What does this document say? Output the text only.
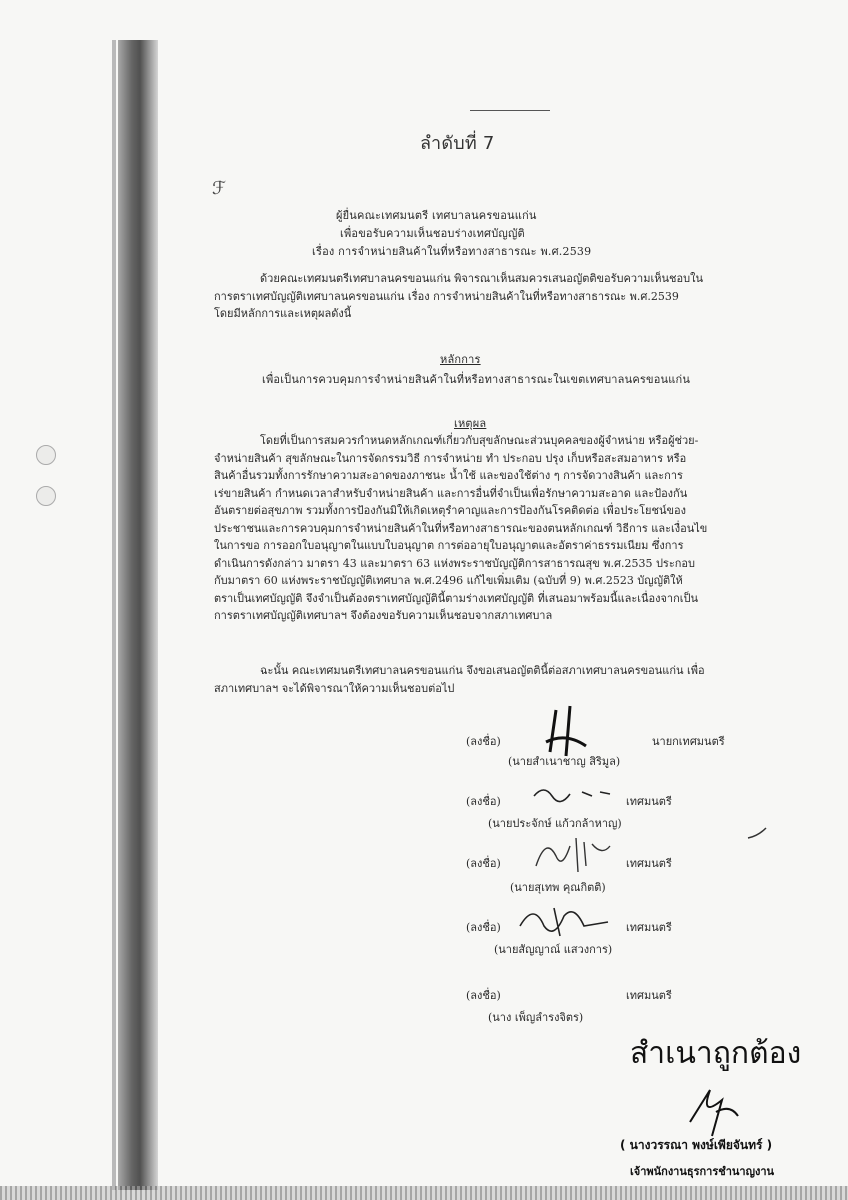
ลำดับที่ 7
ℱ
ผู้ยื่นคณะเทศมนตรี เทศบาลนครขอนแก่น
เพื่อขอรับความเห็นชอบร่างเทศบัญญัติ
เรื่อง การจำหน่ายสินค้าในที่หรือทางสาธารณะ พ.ศ.2539
ด้วยคณะเทศมนตรีเทศบาลนครขอนแก่น พิจารณาเห็นสมควรเสนอญัตติขอรับความเห็นชอบใน
การตราเทศบัญญัติเทศบาลนครขอนแก่น เรื่อง การจำหน่ายสินค้าในที่หรือทางสาธารณะ พ.ศ.2539
โดยมีหลักการและเหตุผลดังนี้
หลักการ
เพื่อเป็นการควบคุมการจำหน่ายสินค้าในที่หรือทางสาธารณะในเขตเทศบาลนครขอนแก่น
เหตุผล
โดยที่เป็นการสมควรกำหนดหลักเกณฑ์เกี่ยวกับสุขลักษณะส่วนบุคคลของผู้จำหน่าย หรือผู้ช่วย-
จำหน่ายสินค้า สุขลักษณะในการจัดกรรมวิธี การจำหน่าย ทำ ประกอบ ปรุง เก็บหรือสะสมอาหาร หรือ
สินค้าอื่นรวมทั้งการรักษาความสะอาดของภาชนะ น้ำใช้ และของใช้ต่าง ๆ การจัดวางสินค้า และการ
เร่ขายสินค้า กำหนดเวลาสำหรับจำหน่ายสินค้า และการอื่นที่จำเป็นเพื่อรักษาความสะอาด และป้องกัน
อันตรายต่อสุขภาพ รวมทั้งการป้องกันมิให้เกิดเหตุรำคาญและการป้องกันโรคติดต่อ เพื่อประโยชน์ของ
ประชาชนและการควบคุมการจำหน่ายสินค้าในที่หรือทางสาธารณะของตนหลักเกณฑ์ วิธีการ และเงื่อนไข
ในการขอ การออกใบอนุญาตในแบบใบอนุญาต การต่ออายุใบอนุญาตและอัตราค่าธรรมเนียม ซึ่งการ
ดำเนินการดังกล่าว มาตรา 43 และมาตรา 63 แห่งพระราชบัญญัติการสาธารณสุข พ.ศ.2535 ประกอบ
กับมาตรา 60 แห่งพระราชบัญญัติเทศบาล พ.ศ.2496 แก้ไขเพิ่มเติม (ฉบับที่ 9) พ.ศ.2523 บัญญัติให้
ตราเป็นเทศบัญญัติ จึงจำเป็นต้องตราเทศบัญญัตินี้ตามร่างเทศบัญญัติ ที่เสนอมาพร้อมนี้และเนื่องจากเป็น
การตราเทศบัญญัติเทศบาลฯ จึงต้องขอรับความเห็นชอบจากสภาเทศบาล
ฉะนั้น คณะเทศมนตรีเทศบาลนครขอนแก่น จึงขอเสนอญัตตินี้ต่อสภาเทศบาลนครขอนแก่น เพื่อ
สภาเทศบาลฯ จะได้พิจารณาให้ความเห็นชอบต่อไป
(ลงชื่อ)	นายกเทศมนตรี
(นายสำเนาชาญ สิริมูล)
(ลงชื่อ)	เทศมนตรี
(นายประจักษ์ แก้วกล้าหาญ)
(ลงชื่อ)	เทศมนตรี
(นายสุเทพ คุณกิตติ)
(ลงชื่อ)	เทศมนตรี
(นายสัญญาณ์ แสวงการ)
(ลงชื่อ)	เทศมนตรี
(นาง เพ็ญลำรงจิตร)
สำเนาถูกต้อง
( นางวรรณา พงษ์เพียจันทร์ )
เจ้าพนักงานธุรการชำนาญงาน
